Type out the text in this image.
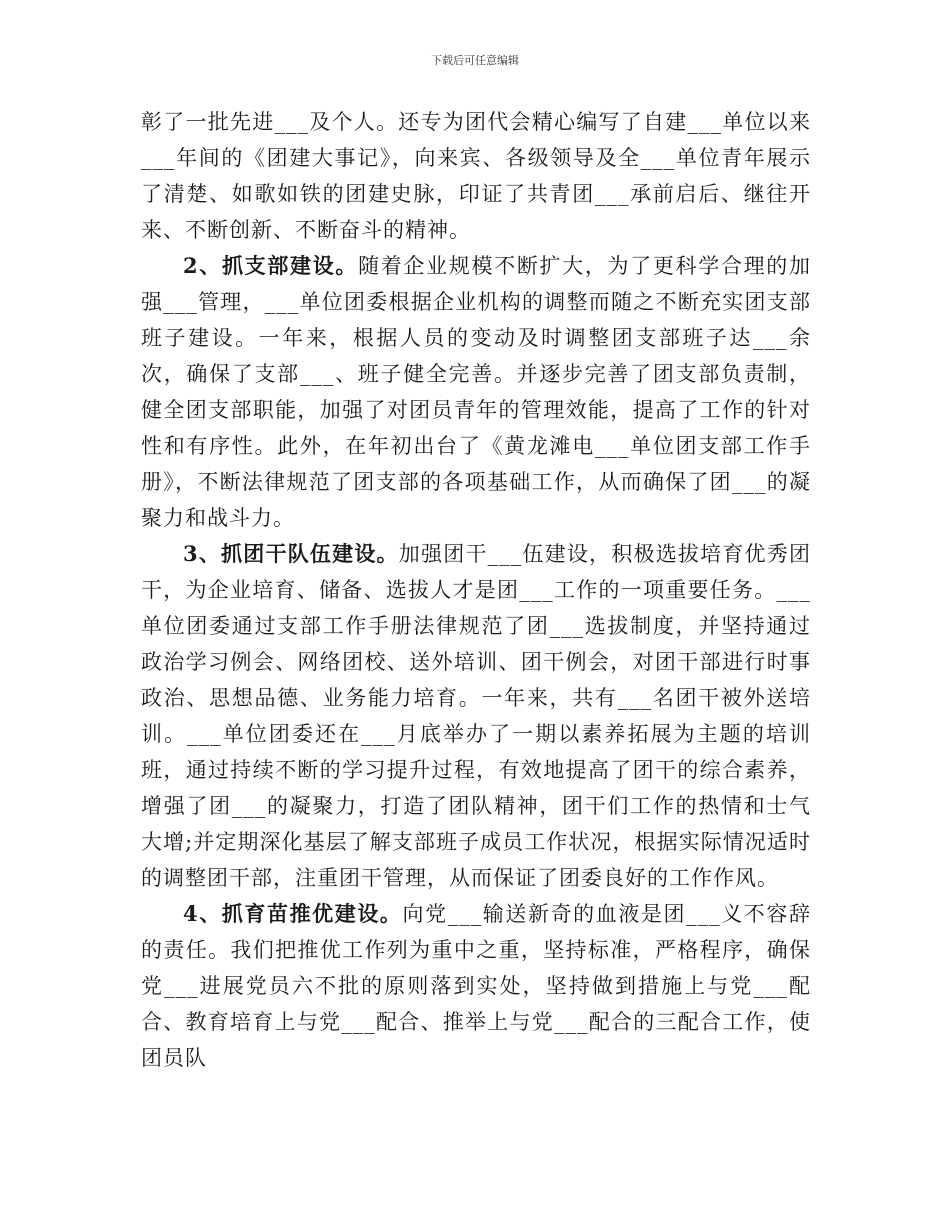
下载后可任意编辑

彰了一批先进___及个人。还专为团代会精心编写了自建___单位以来___年间的《团建大事记》，向来宾、各级领导及全___单位青年展示了清楚、如歌如铁的团建史脉，印证了共青团___承前启后、继往开来、不断创新、不断奋斗的精神。

2、抓支部建设。随着企业规模不断扩大，为了更科学合理的加强___管理，___单位团委根据企业机构的调整而随之不断充实团支部班子建设。一年来，根据人员的变动及时调整团支部班子达___余次，确保了支部___、班子健全完善。并逐步完善了团支部负责制，健全团支部职能，加强了对团员青年的管理效能，提高了工作的针对性和有序性。此外，在年初出台了《黄龙滩电___单位团支部工作手册》，不断法律规范了团支部的各项基础工作，从而确保了团___的凝聚力和战斗力。

3、抓团干队伍建设。加强团干___伍建设，积极选拔培育优秀团干，为企业培育、储备、选拔人才是团___工作的一项重要任务。___单位团委通过支部工作手册法律规范了团___选拔制度，并坚持通过政治学习例会、网络团校、送外培训、团干例会，对团干部进行时事政治、思想品德、业务能力培育。一年来，共有___名团干被外送培训。___单位团委还在___月底举办了一期以素养拓展为主题的培训班，通过持续不断的学习提升过程，有效地提高了团干的综合素养，增强了团___的凝聚力，打造了团队精神，团干们工作的热情和士气大增;并定期深化基层了解支部班子成员工作状况，根据实际情况适时的调整团干部，注重团干管理，从而保证了团委良好的工作作风。

4、抓育苗推优建设。向党___输送新奇的血液是团___义不容辞的责任。我们把推优工作列为重中之重，坚持标准，严格程序，确保党___进展党员六不批的原则落到实处，坚持做到措施上与党___配合、教育培育上与党___配合、推举上与党___配合的三配合工作，使团员队
